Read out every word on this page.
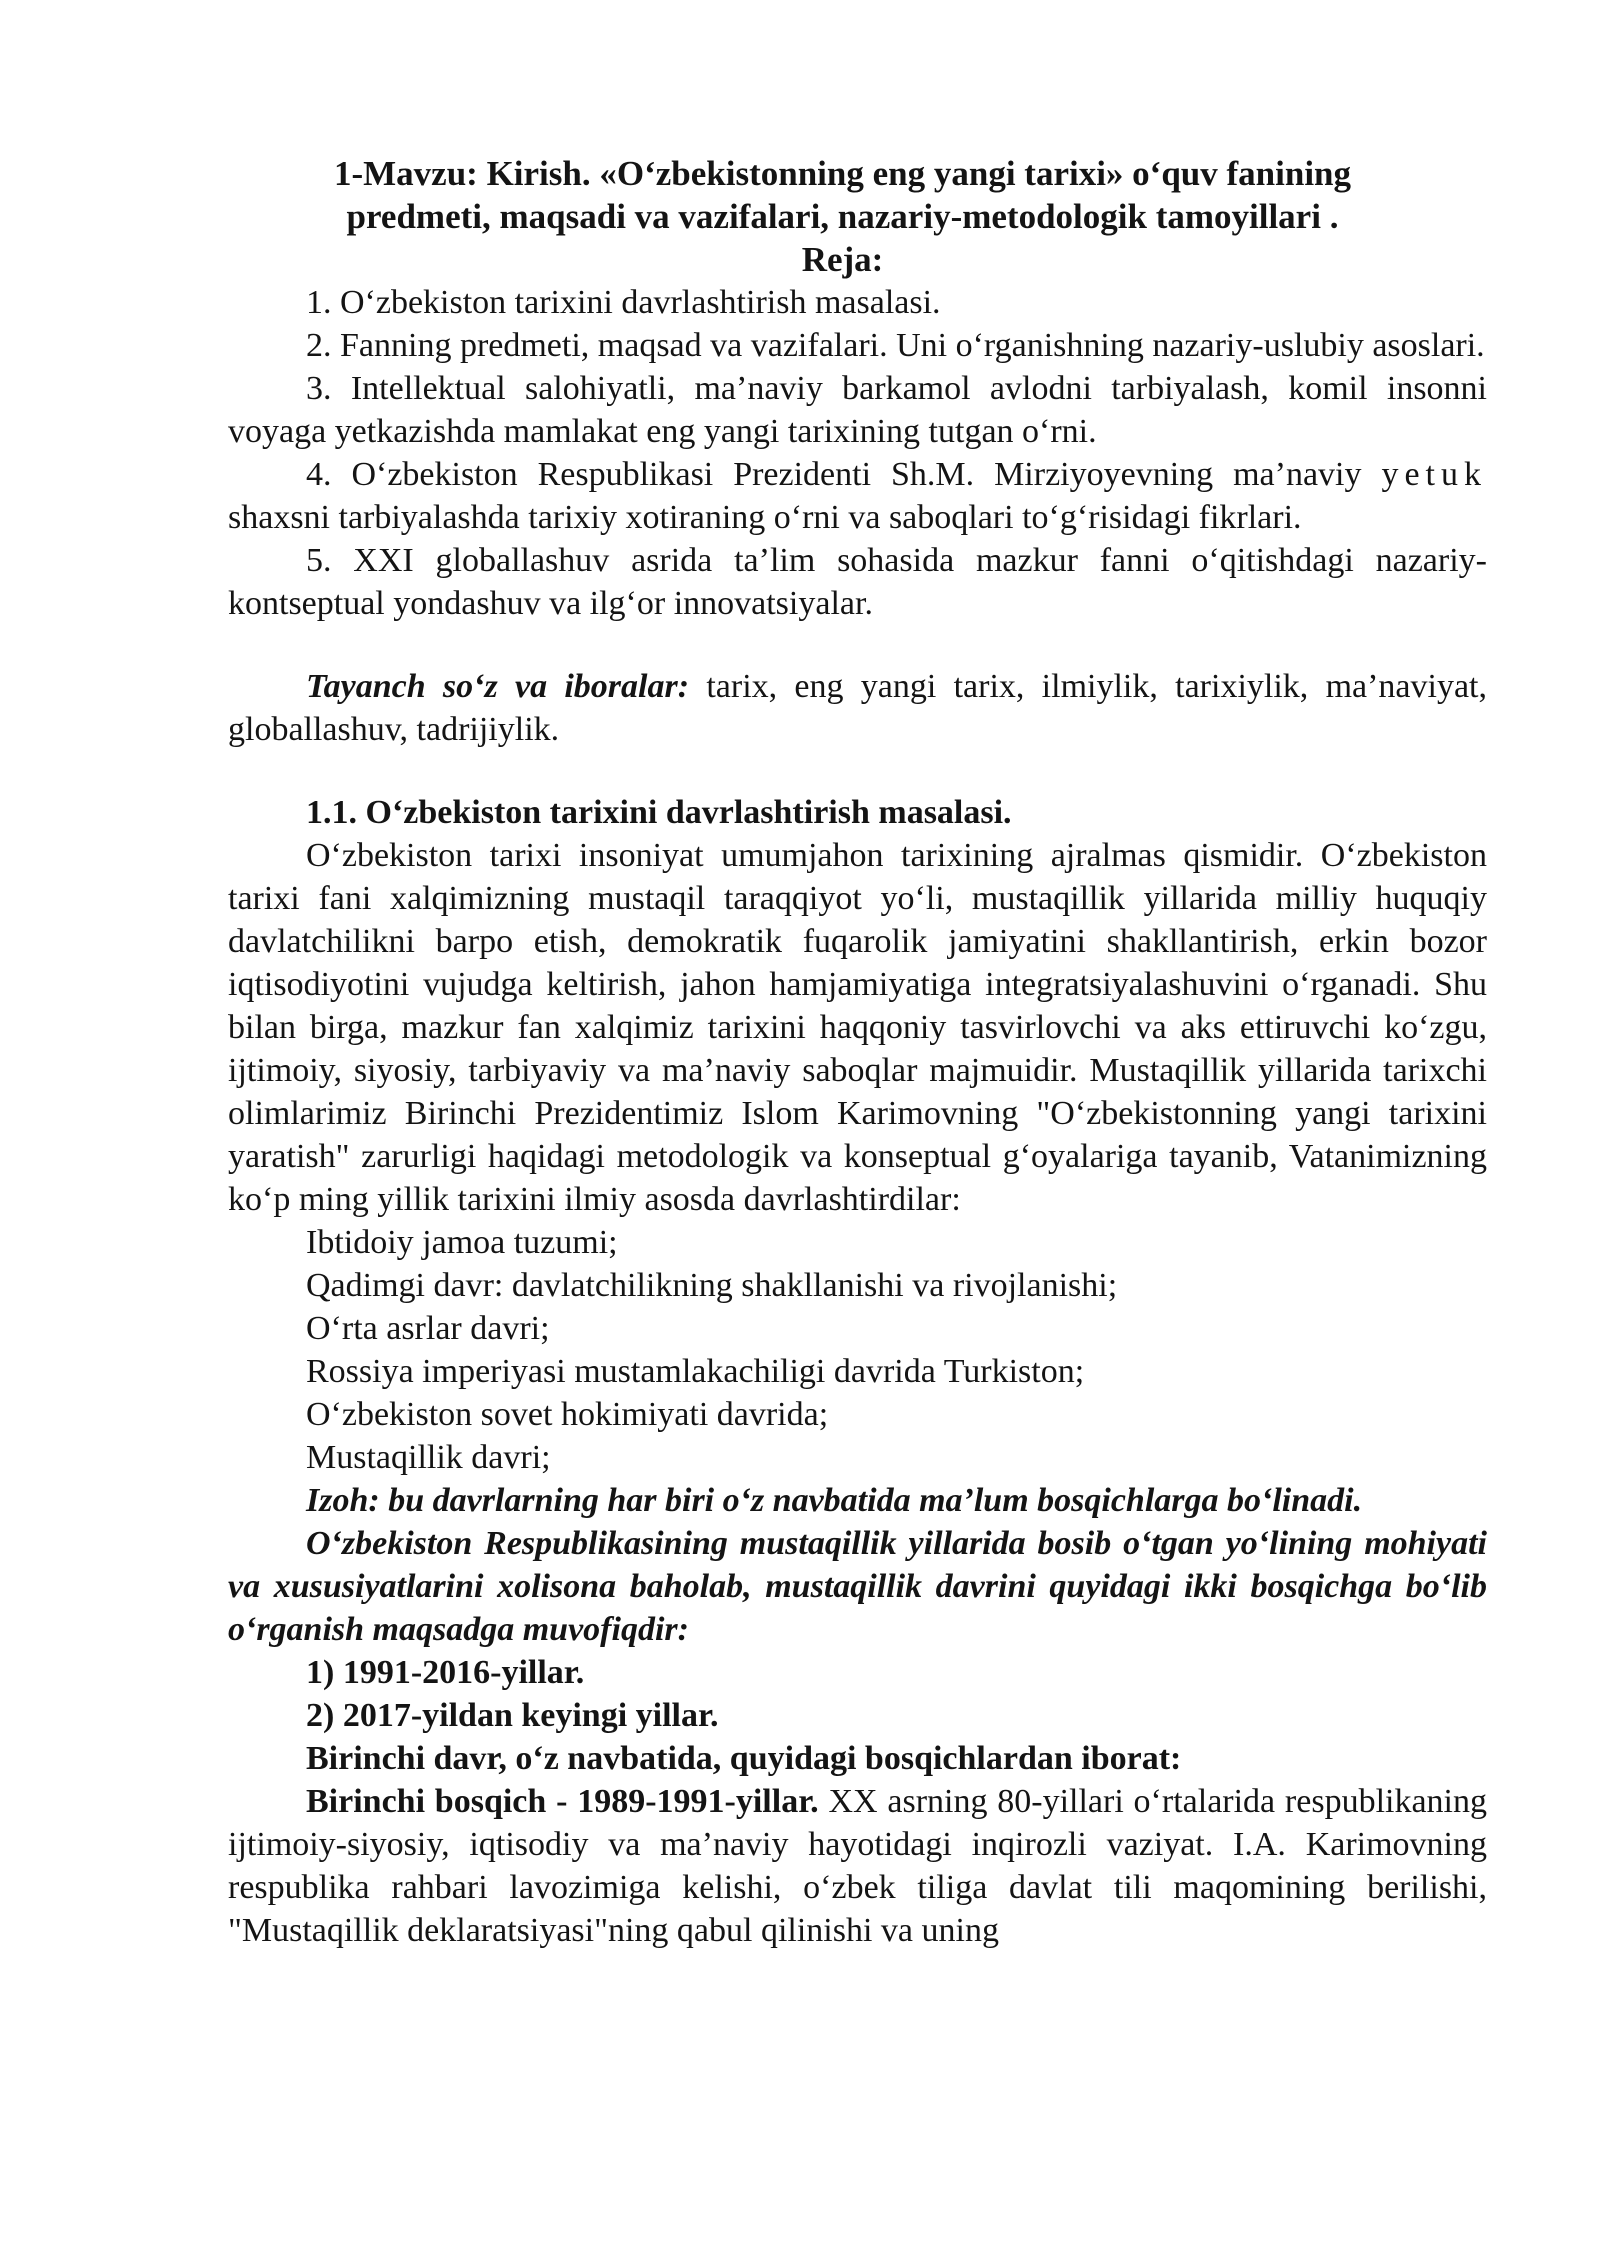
1-Mavzu: Kirish. «O‘zbekistonning eng yangi tarixi» o‘quv fanining
predmeti, maqsadi va vazifalari, nazariy-metodologik tamoyillari .
Reja:

1. O‘zbekiston tarixini davrlashtirish masalasi.

2. Fanning predmeti, maqsad va vazifalari. Uni o‘rganishning nazariy-uslubiy asoslari.

3. Intellektual salohiyatli, ma’naviy barkamol avlodni tarbiyalash, komil insonni voyaga yetkazishda mamlakat eng yangi tarixining tutgan o‘rni.

4. O‘zbekiston Respublikasi Prezidenti Sh.M. Mirziyoyevning ma’naviy yetuk shaxsni tarbiyalashda tarixiy xotiraning o‘rni va saboqlari to‘g‘risidagi fikrlari.

5. XXI globallashuv asrida ta’lim sohasida mazkur fanni o‘qitishdagi nazariy- kontseptual yondashuv va ilg‘or innovatsiyalar.

Tayanch so‘z va iboralar: tarix, eng yangi tarix, ilmiylik, tarixiylik, ma’naviyat, globallashuv, tadrijiylik.

1.1. O‘zbekiston tarixini davrlashtirish masalasi.

O‘zbekiston tarixi insoniyat umumjahon tarixining ajralmas qismidir. O‘zbekiston tarixi fani xalqimizning mustaqil taraqqiyot yo‘li, mustaqillik yillarida milliy huquqiy davlatchilikni barpo etish, demokratik fuqarolik jamiyatini shakllantirish, erkin bozor iqtisodiyotini vujudga keltirish, jahon hamjamiyatiga integratsiyalashuvini o‘rganadi. Shu bilan birga, mazkur fan xalqimiz tarixini haqqoniy tasvirlovchi va aks ettiruvchi ko‘zgu, ijtimoiy, siyosiy, tarbiyaviy va ma’naviy saboqlar majmuidir. Mustaqillik yillarida tarixchi olimlarimiz Birinchi Prezidentimiz Islom Karimovning "O‘zbekistonning yangi tarixini yaratish" zarurligi haqidagi metodologik va konseptual g‘oyalariga tayanib, Vatanimizning ko‘p ming yillik tarixini ilmiy asosda davrlashtirdilar:

Ibtidoiy jamoa tuzumi;

Qadimgi davr: davlatchilikning shakllanishi va rivojlanishi;

O‘rta asrlar davri;

Rossiya imperiyasi mustamlakachiligi davrida Turkiston;

O‘zbekiston sovet hokimiyati davrida;

Mustaqillik davri;

Izoh: bu davrlarning har biri o‘z navbatida ma’lum bosqichlarga bo‘linadi.

O‘zbekiston Respublikasining mustaqillik yillarida bosib o‘tgan yo‘lining mohiyati va xususiyatlarini xolisona baholab, mustaqillik davrini quyidagi ikki bosqichga bo‘lib o‘rganish maqsadga muvofiqdir:

1) 1991-2016-yillar.

2) 2017-yildan keyingi yillar.

Birinchi davr, o‘z navbatida, quyidagi bosqichlardan iborat:

Birinchi bosqich - 1989-1991-yillar. XX asrning 80-yillari o‘rtalarida respublikaning ijtimoiy-siyosiy, iqtisodiy va ma’naviy hayotidagi inqirozli vaziyat. I.A. Karimovning respublika rahbari lavozimiga kelishi, o‘zbek tiliga davlat tili maqomining berilishi, "Mustaqillik deklaratsiyasi"ning qabul qilinishi va uning
